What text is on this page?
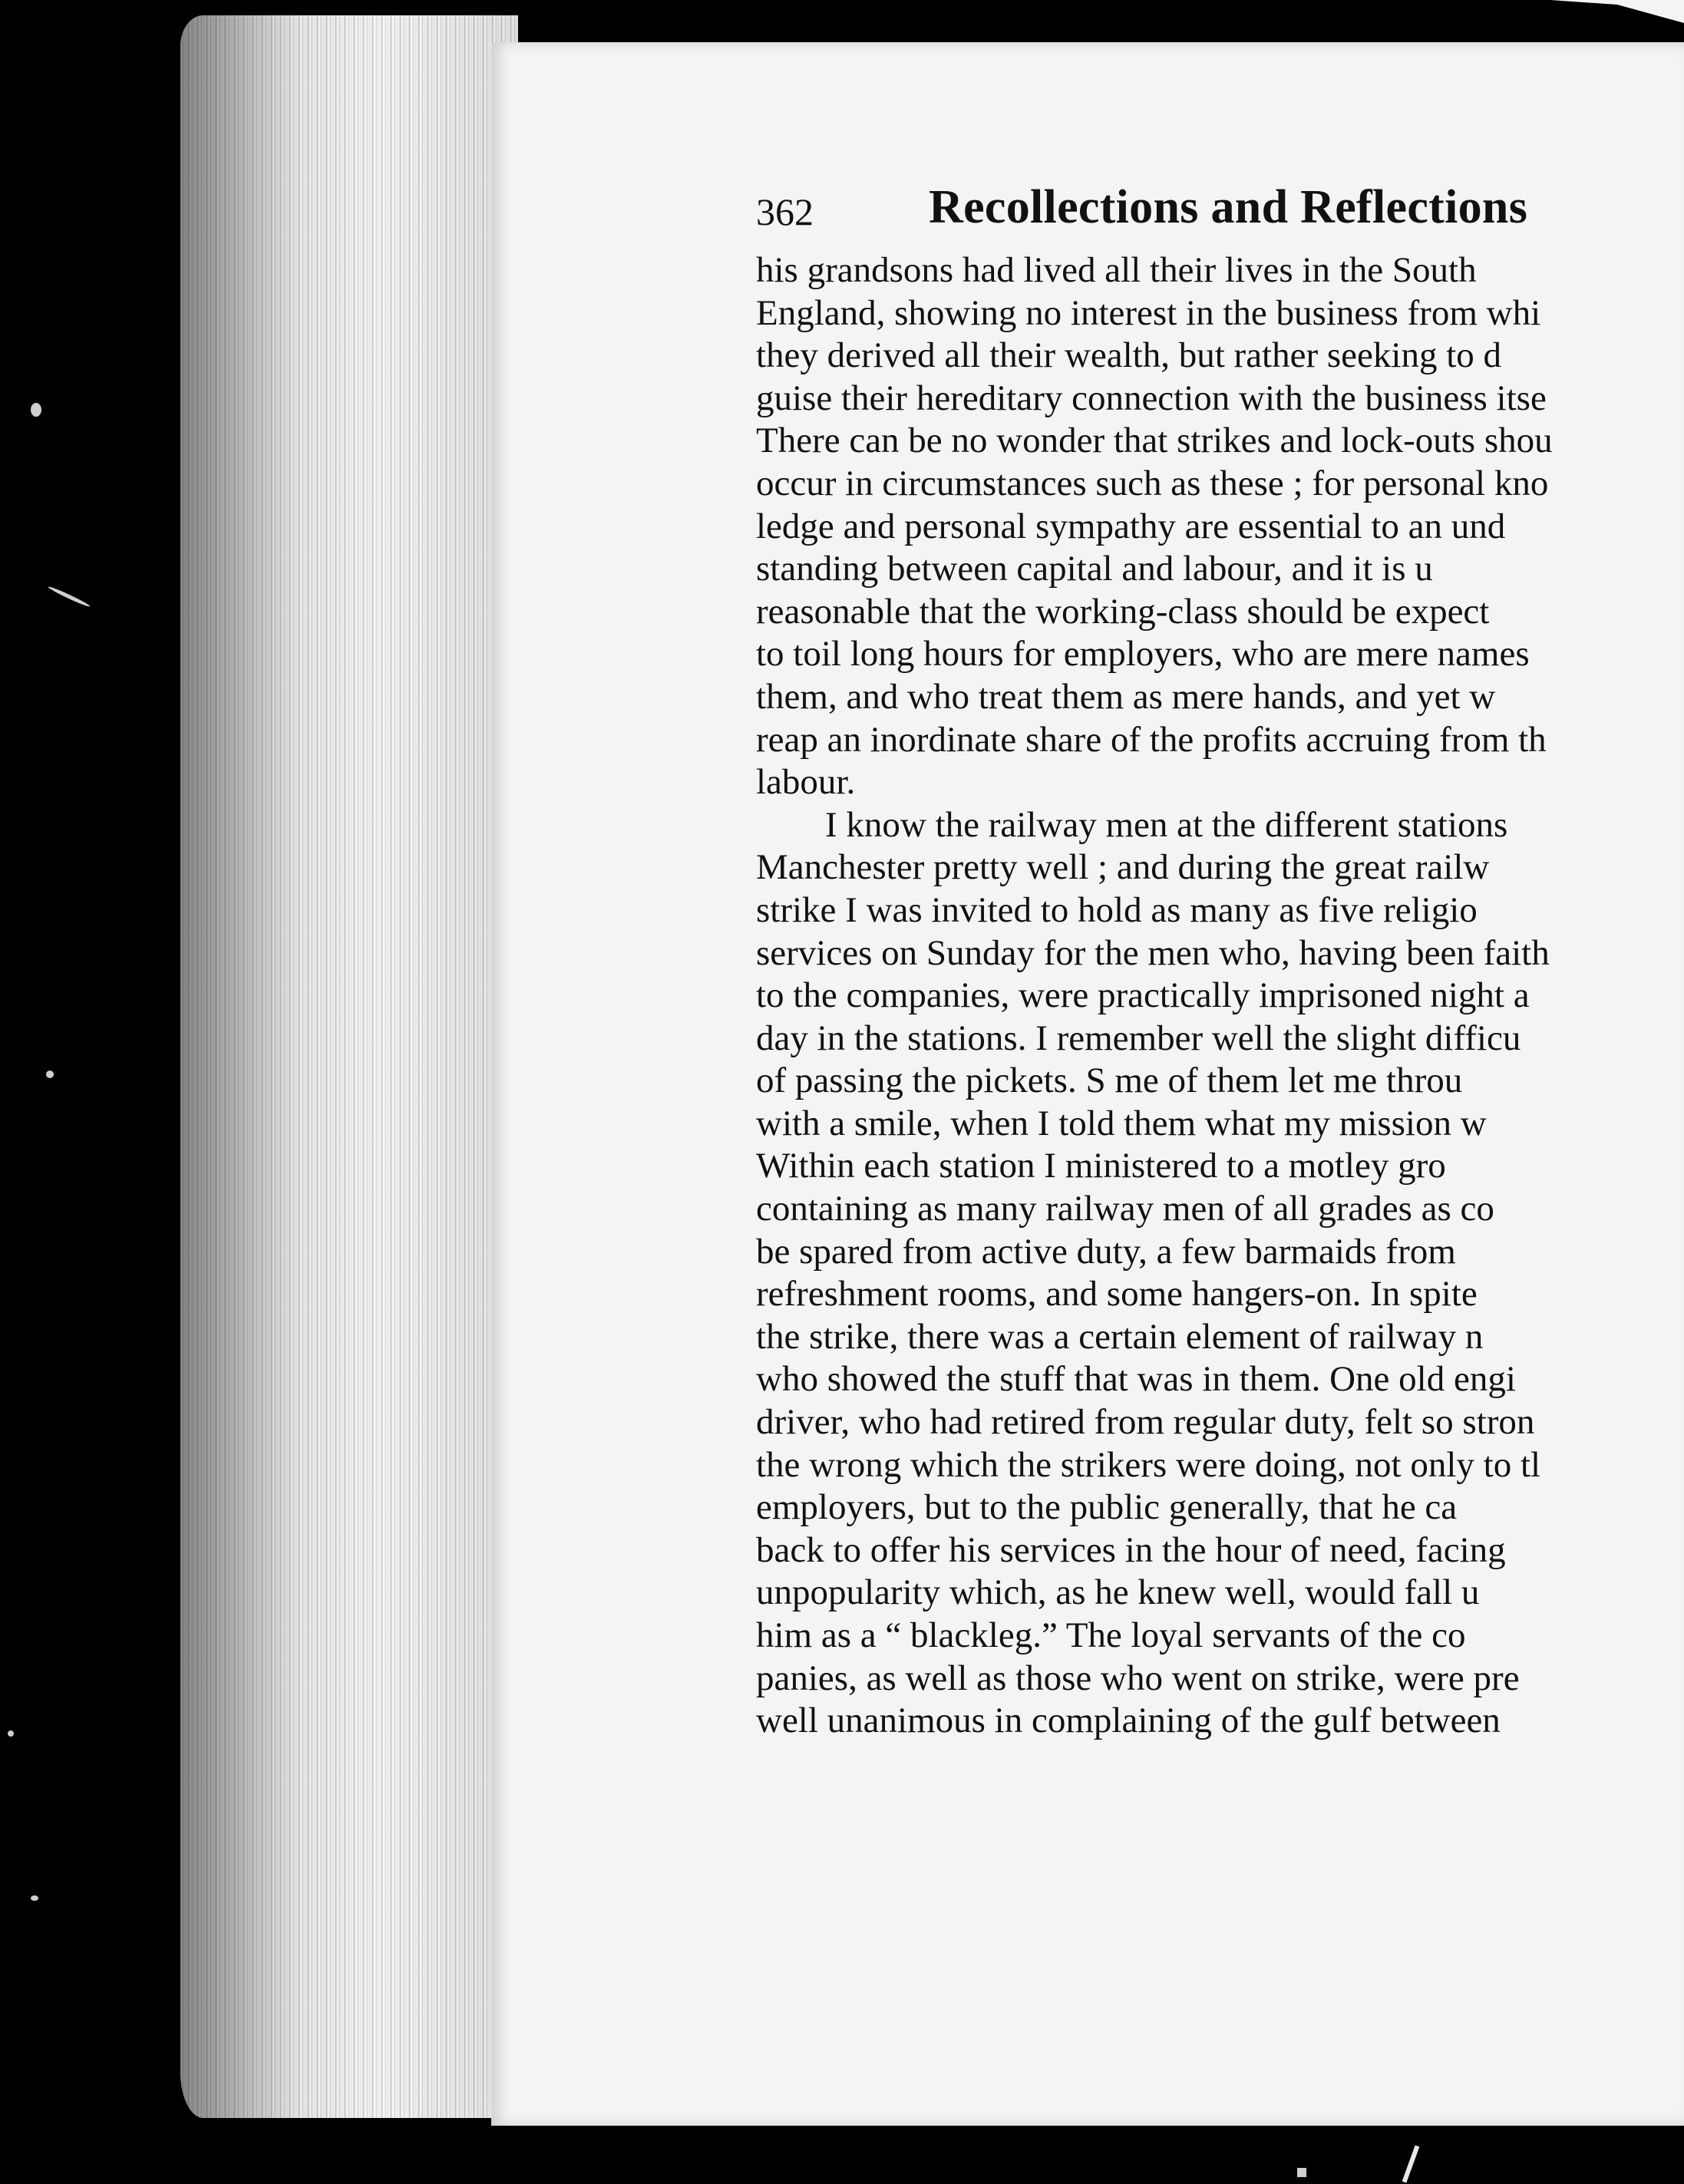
362 Recollections and Reflections
his grandsons had lived all their lives in the South
England, showing no interest in the business from whi
they derived all their wealth, but rather seeking to d
guise their hereditary connection with the business itse
There can be no wonder that strikes and lock-outs shou
occur in circumstances such as these ; for personal kno
ledge and personal sympathy are essential to an und
standing between capital and labour, and it is u
reasonable that the working-class should be expect
to toil long hours for employers, who are mere names
them, and who treat them as mere hands, and yet w
reap an inordinate share of the profits accruing from th
labour.
I know the railway men at the different stations
Manchester pretty well ; and during the great railw
strike I was invited to hold as many as five religio
services on Sunday for the men who, having been faith
to the companies, were practically imprisoned night a
day in the stations. I remember well the slight difficu
of passing the pickets. S me of them let me throu
with a smile, when I told them what my mission w
Within each station I ministered to a motley gro
containing as many railway men of all grades as co
be spared from active duty, a few barmaids from
refreshment rooms, and some hangers-on. In spite
the strike, there was a certain element of railway n
who showed the stuff that was in them. One old engi
driver, who had retired from regular duty, felt so stron
the wrong which the strikers were doing, not only to tl
employers, but to the public generally, that he ca
back to offer his services in the hour of need, facing
unpopularity which, as he knew well, would fall u
him as a “ blackleg.” The loyal servants of the co
panies, as well as those who went on strike, were pre
well unanimous in complaining of the gulf between
